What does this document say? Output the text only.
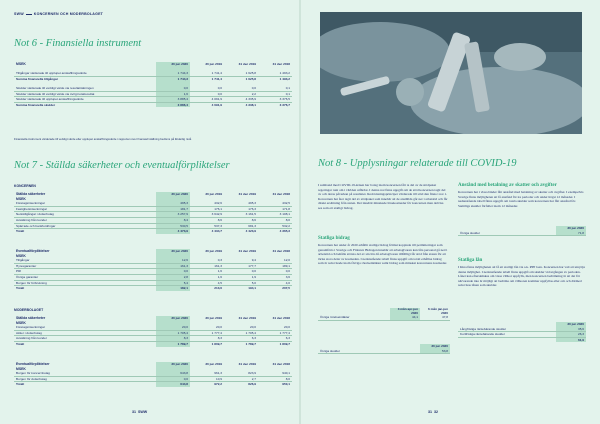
SWW	KONCERNEN OCH MODERBOLAGET
Not 6 - Finansiella instrument
MSEK	30 jun 2020	30 jun 2019	31 dec 2019	31 dec 2018

Tillgångar värderade till upplupet anskaffningsvärde	1 744,3	1 741,4	1 625,8	1 493,2
Summa finansiella tillgångar	1 744,3	1 741,4	1 625,8	1 493,2

Skulder värderade till verkligt värde via resultaträkningen	0,0	0,0	0,0	0,1
Skulder värderade till verkligt värde via övrigt totalresultat	1,6	0,0	2,2	0,1
Skulder värderade till upplupet anskaffningsvärde	3 885,4	4 091,9	4 335,9	3 376,5
Summa finansiella skulder	3 886,4	4 091,9	4 338,1	3 376,7
Finansiella instrument värderade till verkligt värde eller upplupet anskaffningsvärde i rapporten över finansiell ställning bedöms på likvärdig nivå.
Not 7 - Ställda säkerheter och eventualförpliktelser
KONCERNEN
Ställda säkerheter	30 jun 2020	30 jun 2019	31 dec 2019	31 dec 2018
MSEK				
Företagsinteckningar	495,3	432,6	495,3	432,5
Fastighetsinteckningar	181,7	176,1	176,3	171,8
Nettotillgångar i dotterbolag	3 257,9	3 642,9	3 161,5	3 108,1
Avsättning från kunder	8,4	8,6	8,6	8,0
Spärrade och bankfordringar	530,5	537,3	681,3	532,2
Totalt	4 473,9	4 434,7	4 423,9	4 365,3
Eventualförpliktelser	30 jun 2020	30 jun 2019	31 dec 2019	31 dec 2018
MSEK				
Tillgångar	12,6	0,3	9,4	12,0
Hyresgarantier	161,3	161,3	177,7	189,1
PRI	0,0	1,6	0,0	0,0
Övriga garantier	2,8	1,6	1,9	3,6
Borgen för förbrukning	5,4	4,5	5,0	4,0
Totalt	182,1	213,6	194,1	207,5
MODERBOLAGET
Ställda säkerheter	30 jun 2020	30 jun 2019	31 dec 2019	31 dec 2018
MSEK				
Företagsinteckningar	20,0	20,0	20,0	20,0
Aktier i dotterbolag	1 705,4	1 777,4	1 705,4	1 777,4
Avsättning från kunder	8,3	8,3	6,3	6,3
Totalt	1 789,7	1 809,7	1 789,7	1 809,7
Eventualförpliktelser	30 jun 2020	30 jun 2019	31 dec 2019	31 dec 2018
MSEK				
Borgen för koncernbolag	643,8	961,3	823,9	940,1
Borgen för dotterbolag	0,0	10,9	2,7	8,0
Totalt	644,8	972,2	826,9	950,1
31 SWW
Not 8 - Upplysningar relaterade till COVID-19
I samband med COVID-19-krisen har bolag inom koncernen fått ta del av de stödpaket regeringar runt om i världen utfärdat. I denna not finns uppgift om de stöd koncernen tagit del av och deras påverkan på resultatet. Redovisningsprinciper värderade till stöd den finns i not 1. Koncernen har åter tagit del av stödpaket som innebär att de anställda går ner i arbetstid och får direkt ersättning från staten. Det innebär minskade lönekostnader för koncernen men delvisa ses som ett statligt bidrag.
Statliga bidrag
Koncernen har under år 2020 erhållit statliga bidrag främst kopplade till permitteringar som genomförts i Sverige och Finland. Bidragen innebär att arbetsgivaren kan låta personal gå ned i arbetstid och behålla största del av sin lön då arbetsgivaren tillfälligt får stöd från staten för att täcka stora delar av kostnaden. I nedanstående tabell finns uppgift om totalt erhållna bidrag som är redovisade inom Övriga rörelseintäkter samt bidrag som minskat koncernens kostnader.
	3 mån apr-jun 2020	6 mån jan-jun 2020
Övriga rörelseintäkter	44,1	47,8
	30 jun 2020
Övriga skulder	53,8
Anstånd med betalning av skatter och avgifter
Koncernen har i vissa länder fått anstånd med betalning av skatter och avgifter. I exempelvis Sverige finns möjligheten att få anstånd för tre perioder och under högst 12 månader. I nedanstående tabell finns uppgift om totala skulder som koncernen har fått anstånd för. Samtliga skulder förfaller inom 12 månader.
	30 jun 2020
Övriga skulder	71,8
Statliga lån
I Kina finns möjligheten att få ett statligt lån via s.k. PPP loan. Koncernen har valt att utnyttja denna möjlighet. I nedanstående tabell finns uppgift om skulder vid utgången av perioden. Lånet kan efterskänkas om vissa villkor uppfylls, men koncernen bedömning är att det för närvarande inte är möjligt att bedöma om villkoren kommer uppfyllas eller om och därmed redovisas lånen som skulder.
	30 jun 2020
Långfristiga räntebärande skulder	35,6
Kortfristiga räntebärande skulder	26,3
	61,9
31 32
